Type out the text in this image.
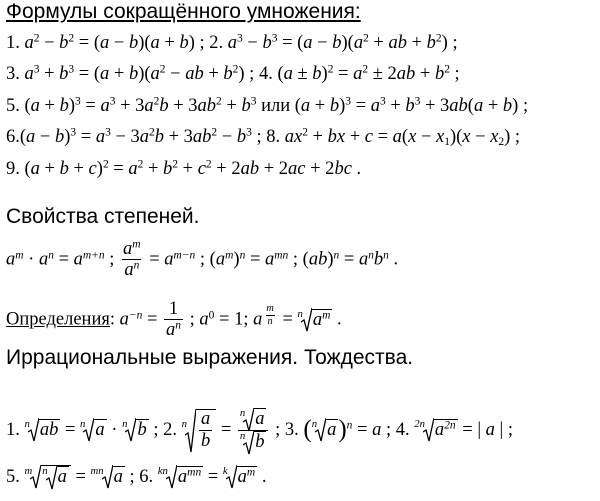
Формулы сокращённого умножения:
1. $a^2 - b^2 = (a - b)(a + b)$ ; 2. $a^3 - b^3 = (a - b)(a^2$ + ab + $b^2$) ;
3. $a^3 + b^3 = (a + b)(a^2$ − ab + $b^2$) ; 4. $(a \pm b)^2 = a^2 \pm 2ab + b^2$ ;
5. $(a + b)^3 = a^3 + 3a^2b + 3ab^2 + b^3$ или $(a + b)^3 = a^3 + b^3 + 3ab(a + b)$ ;
$6.(a - b)^3 = a^3 - 3a^2b + 3ab^2 - b^3$ ; 8. $ax^2$ + bx + $c = a(x - x_1)(x - x_2)$ ;
9. $(a + b + c)^2 = a^2 + b^2 + c^2 + 2ab + 2ac + 2bc$ .
Свойства степеней.
$a^m \cdot a^n = a^{m+n}$ ; $\frac{a^m}{a^n} = a^{m-n}$ ; $(a^m)^n = a^{mn}$ ; $(ab)^n = a^nb^n$ .
Определения: $a^{-n} = \frac{1}{a^n}$ ; $a^0 = 1$; a $^{\frac{m}{n}}$ = $^n$ $a^m$ .
Иррациональные выражения. Тождества.
1. $^n$ ab = $^n$ a · $^n$ b ; 2. $^n \frac{a}{b} = \frac{^n a}{^n b}$ ; 3. ($^n$ a)$^n$ = a ; 4. $^{2n}$ $a^{2n}$ = | a | ;
5. $^m$ $^n$ a = $^{mn}$ a ; 6. $^{kn}$ $a^{mn} = ^k$ $a^m$ .
